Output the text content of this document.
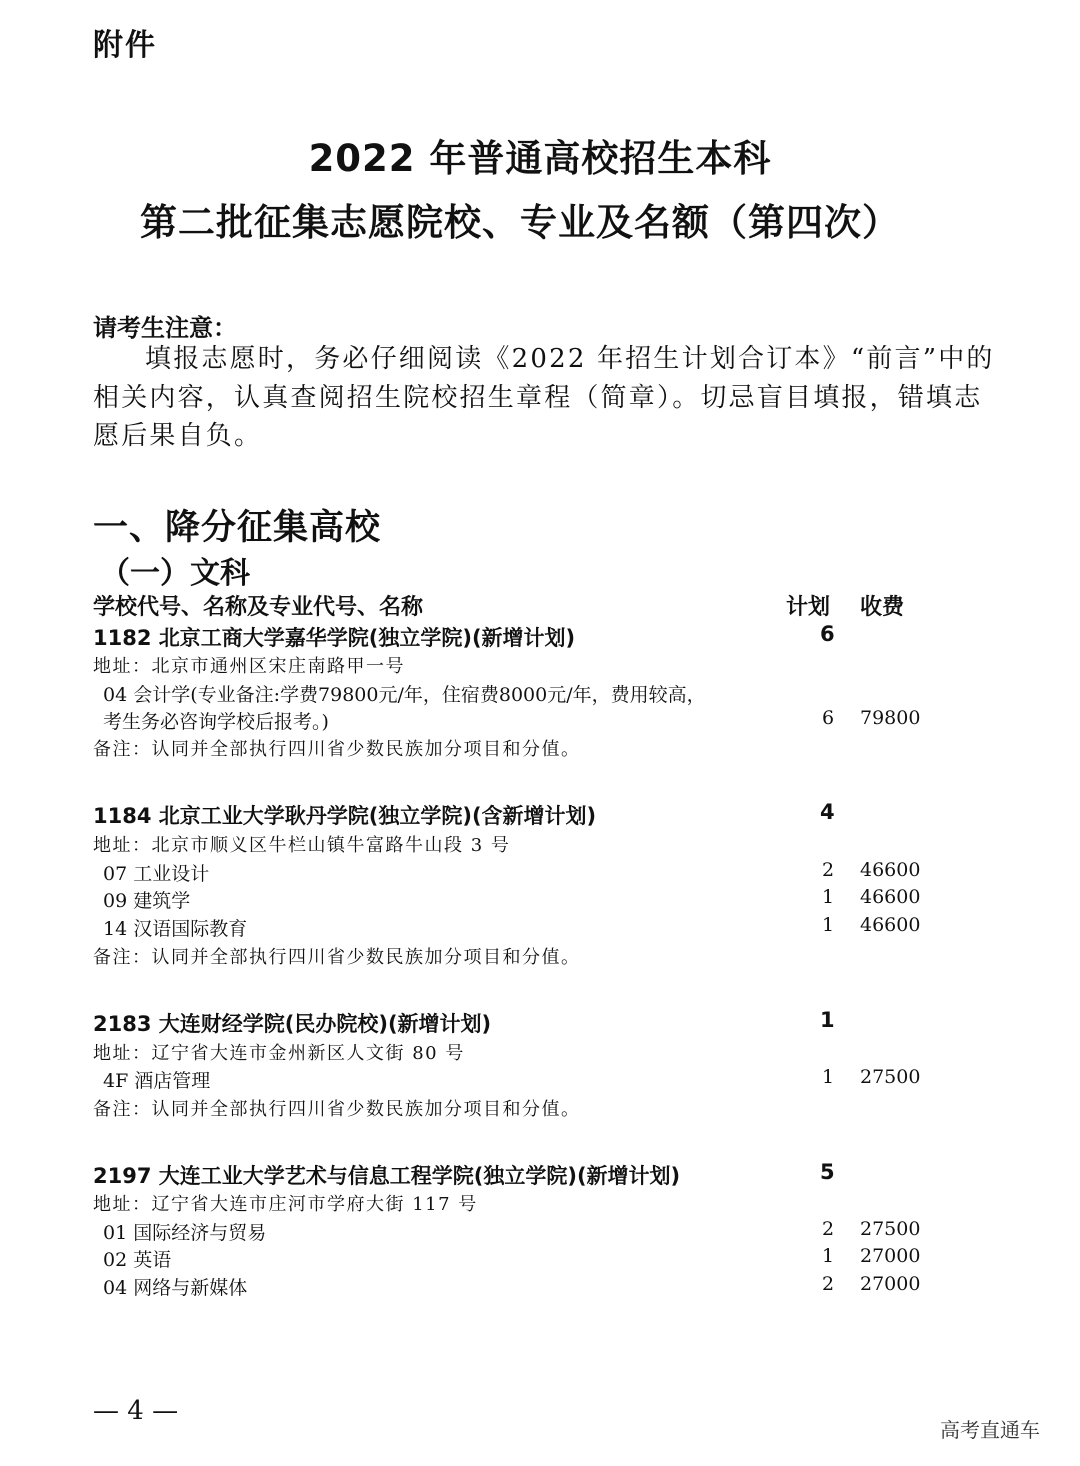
附件
2022 年普通高校招生本科
第二批征集志愿院校、专业及名额（第四次）
请考生注意：
填报志愿时，务必仔细阅读《2022 年招生计划合订本》“前言”中的相关内容，认真查阅招生院校招生章程（简章）。切忌盲目填报，错填志愿后果自负。
一、降分征集高校
（一）文科
学校代号、名称及专业代号、名称	计划 收费
1182 北京工商大学嘉华学院(独立学院)(新增计划)	6
地址：北京市通州区宋庄南路甲一号
04 会计学(专业备注:学费79800元/年，住宿费8000元/年，费用较高，
考生务必咨询学校后报考。)	6 79800
备注：认同并全部执行四川省少数民族加分项目和分值。
1184 北京工业大学耿丹学院(独立学院)(含新增计划)	4
地址：北京市顺义区牛栏山镇牛富路牛山段 3 号
07 工业设计	2 46600
09 建筑学	1 46600
14 汉语国际教育	1 46600
备注：认同并全部执行四川省少数民族加分项目和分值。
2183 大连财经学院(民办院校)(新增计划)	1
地址：辽宁省大连市金州新区人文街 80 号
4F 酒店管理	1 27500
备注：认同并全部执行四川省少数民族加分项目和分值。
2197 大连工业大学艺术与信息工程学院(独立学院)(新增计划)	5
地址：辽宁省大连市庄河市学府大街 117 号
01 国际经济与贸易	2 27500
02 英语	1 27000
04 网络与新媒体	2 27000
— 4 —
高考直通车
